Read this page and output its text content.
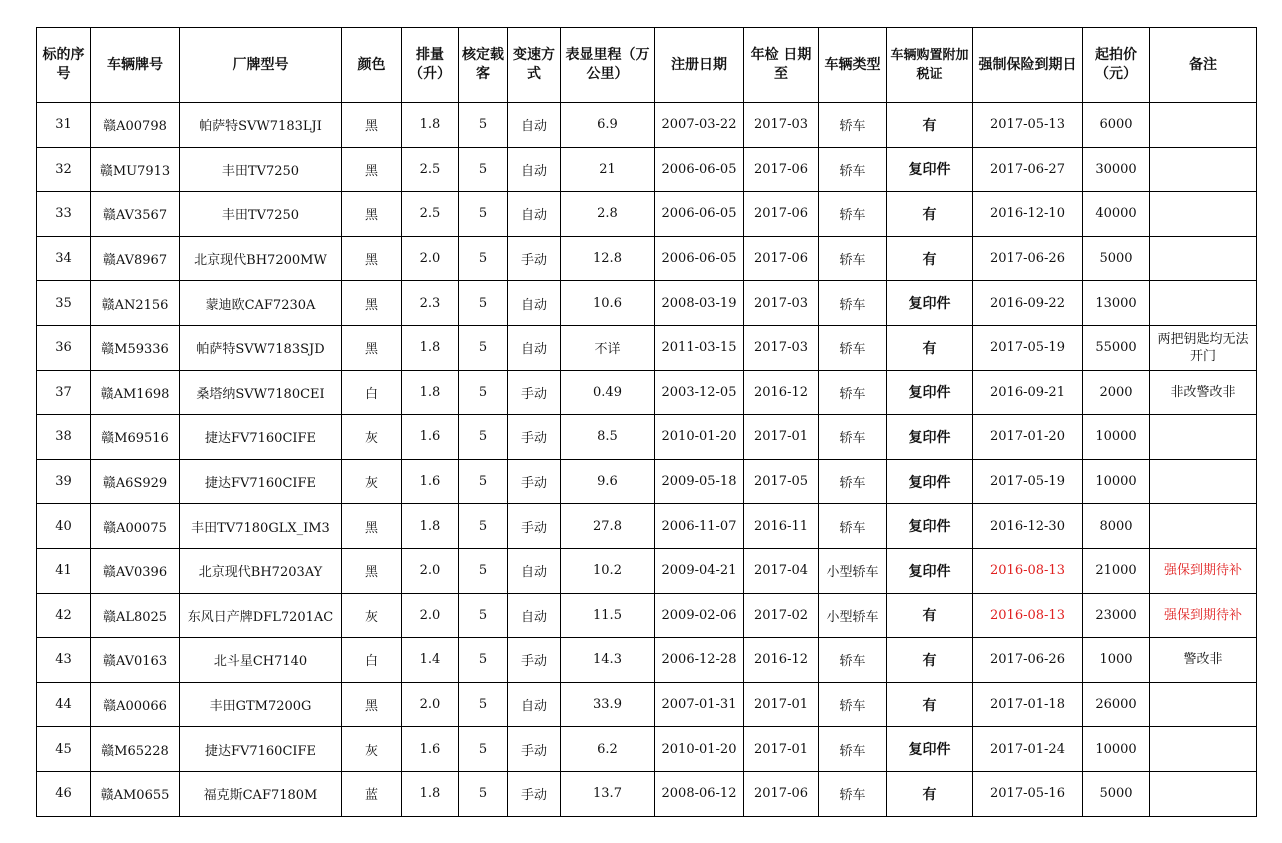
标的序号	车辆牌号	厂牌型号	颜色	排量（升）	核定载客	变速方式	表显里程（万公里）	注册日期	年检 日期至	车辆类型	车辆购置附加税证	强制保险到期日	起拍价（元）	备注
31	赣A00798	帕萨特SVW7183LJI	黑	1.8	5	自动	6.9	2007-03-22	2017-03	轿车	有	2017-05-13	6000	
32	赣MU7913	丰田TV7250	黑	2.5	5	自动	21	2006-06-05	2017-06	轿车	复印件	2017-06-27	30000	
33	赣AV3567	丰田TV7250	黑	2.5	5	自动	2.8	2006-06-05	2017-06	轿车	有	2016-12-10	40000	
34	赣AV8967	北京现代BH7200MW	黑	2.0	5	手动	12.8	2006-06-05	2017-06	轿车	有	2017-06-26	5000	
35	赣AN2156	蒙迪欧CAF7230A	黑	2.3	5	自动	10.6	2008-03-19	2017-03	轿车	复印件	2016-09-22	13000	
36	赣M59336	帕萨特SVW7183SJD	黑	1.8	5	自动	不详	2011-03-15	2017-03	轿车	有	2017-05-19	55000	两把钥匙均无法开门
37	赣AM1698	桑塔纳SVW7180CEI	白	1.8	5	手动	0.49	2003-12-05	2016-12	轿车	复印件	2016-09-21	2000	非改警改非
38	赣M69516	捷达FV7160CIFE	灰	1.6	5	手动	8.5	2010-01-20	2017-01	轿车	复印件	2017-01-20	10000	
39	赣A6S929	捷达FV7160CIFE	灰	1.6	5	手动	9.6	2009-05-18	2017-05	轿车	复印件	2017-05-19	10000	
40	赣A00075	丰田TV7180GLX_IM3	黑	1.8	5	手动	27.8	2006-11-07	2016-11	轿车	复印件	2016-12-30	8000	
41	赣AV0396	北京现代BH7203AY	黑	2.0	5	自动	10.2	2009-04-21	2017-04	小型轿车	复印件	2016-08-13	21000	强保到期待补
42	赣AL8025	东风日产牌DFL7201AC	灰	2.0	5	自动	11.5	2009-02-06	2017-02	小型轿车	有	2016-08-13	23000	强保到期待补
43	赣AV0163	北斗星CH7140	白	1.4	5	手动	14.3	2006-12-28	2016-12	轿车	有	2017-06-26	1000	警改非
44	赣A00066	丰田GTM7200G	黑	2.0	5	自动	33.9	2007-01-31	2017-01	轿车	有	2017-01-18	26000	
45	赣M65228	捷达FV7160CIFE	灰	1.6	5	手动	6.2	2010-01-20	2017-01	轿车	复印件	2017-01-24	10000	
46	赣AM0655	福克斯CAF7180M	蓝	1.8	5	手动	13.7	2008-06-12	2017-06	轿车	有	2017-05-16	5000	
